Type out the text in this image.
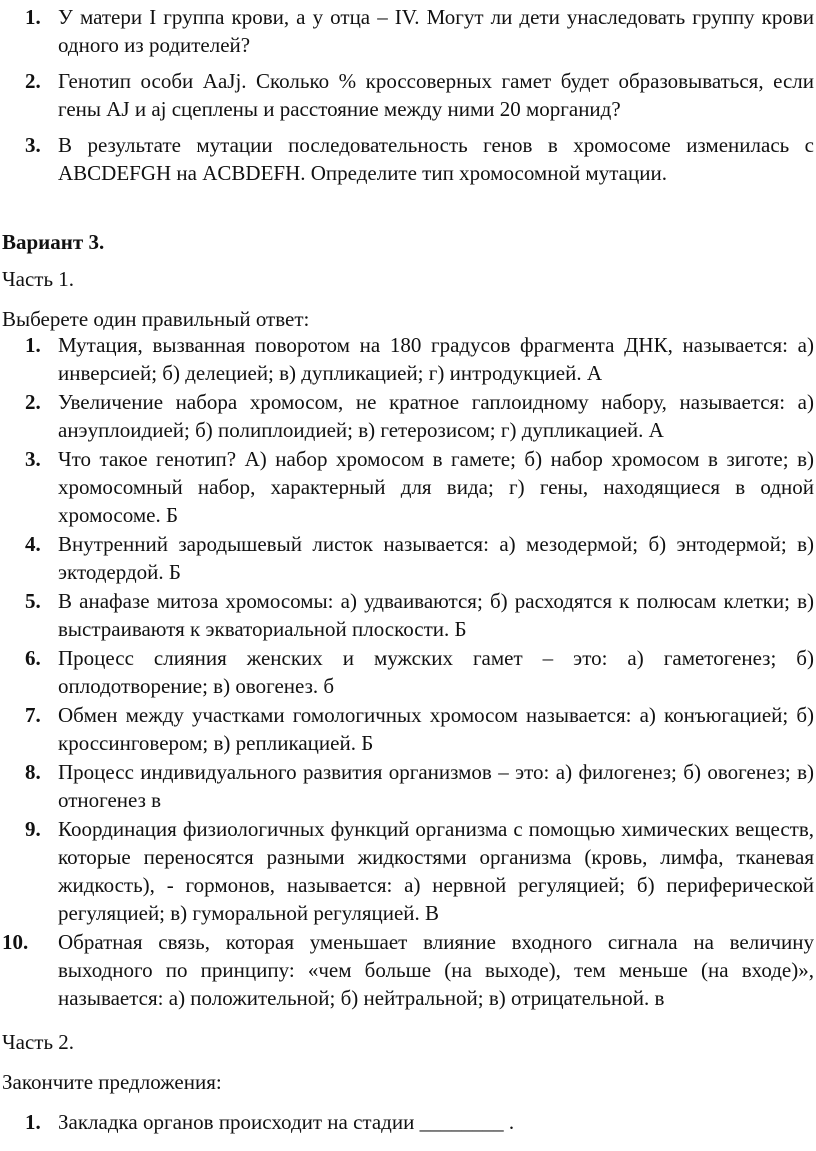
1. У матери I группа крови, а у отца – IV. Могут ли дети унаследовать группу крови одного из родителей?
2. Генотип особи AaJj. Сколько % кроссоверных гамет будет образовываться, если гены AJ и aj сцеплены и расстояние между ними 20 морганид?
3. В результате мутации последовательность генов в хромосоме изменилась с ABCDEFGH на ACBDEFH. Определите тип хромосомной мутации.
Вариант 3.
Часть 1.
Выберете один правильный ответ:
1. Мутация, вызванная поворотом на 180 градусов фрагмента ДНК, называется: а) инверсией; б) делецией; в) дупликацией; г) интродукцией. А
2. Увеличение набора хромосом, не кратное гаплоидному набору, называется: а) анэуплоидией; б) полиплоидией; в) гетерозисом; г) дупликацией. А
3. Что такое генотип? А) набор хромосом в гамете; б) набор хромосом в зиготе; в) хромосомный набор, характерный для вида; г) гены, находящиеся в одной хромосоме. Б
4. Внутренний зародышевый листок называется: а) мезодермой; б) энтодермой; в) эктодердой. Б
5. В анафазе митоза хромосомы: а) удваиваются; б) расходятся к полюсам клетки; в) выстраиваютя к экваториальной плоскости. Б
6. Процесс слияния женских и мужских гамет – это: а) гаметогенез; б) оплодотворение; в) овогенез. б
7. Обмен между участками гомологичных хромосом называется: а) конъюгацией; б) кроссинговером; в) репликацией. Б
8. Процесс индивидуального развития организмов – это: а) филогенез; б) овогенез; в) отногенез в
9. Координация физиологичных функций организма с помощью химических веществ, которые переносятся разными жидкостями организма (кровь, лимфа, тканевая жидкость), - гормонов, называется: а) нервной регуляцией; б) периферической регуляцией; в) гуморальной регуляцией. В
10. Обратная связь, которая уменьшает влияние входного сигнала на величину выходного по принципу: «чем больше (на выходе), тем меньше (на входе)», называется: а) положительной; б) нейтральной; в) отрицательной. в
Часть 2.
Закончите предложения:
1. Закладка органов происходит на стадии ________ .
